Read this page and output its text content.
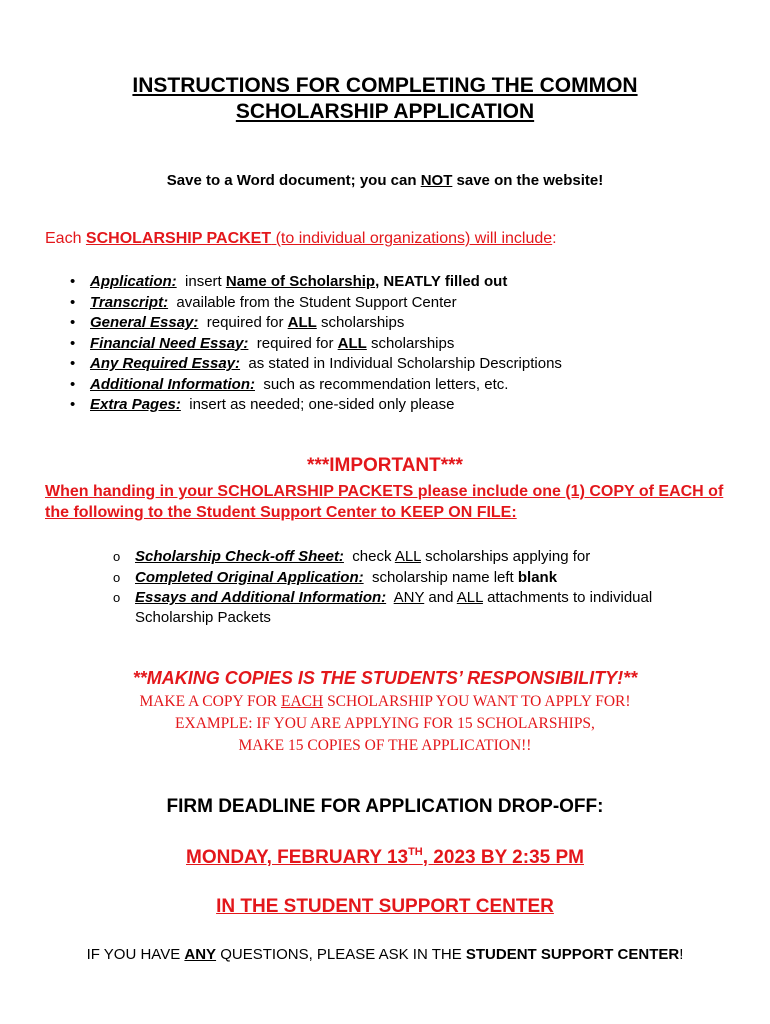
INSTRUCTIONS FOR COMPLETING THE COMMON
SCHOLARSHIP APPLICATION
Save to a Word document; you can NOT save on the website!
Each SCHOLARSHIP PACKET (to individual organizations) will include:
• Application: insert Name of Scholarship, NEATLY filled out
• Transcript: available from the Student Support Center
• General Essay: required for ALL scholarships
• Financial Need Essay: required for ALL scholarships
• Any Required Essay: as stated in Individual Scholarship Descriptions
• Additional Information: such as recommendation letters, etc.
• Extra Pages: insert as needed; one-sided only please
***IMPORTANT***
When handing in your SCHOLARSHIP PACKETS please include one (1) COPY of EACH of the following to the Student Support Center to KEEP ON FILE:
o Scholarship Check-off Sheet: check ALL scholarships applying for
o Completed Original Application: scholarship name left blank
o Essays and Additional Information: ANY and ALL attachments to individual
Scholarship Packets
**MAKING COPIES IS THE STUDENTS’ RESPONSIBILITY!**
MAKE A COPY FOR EACH SCHOLARSHIP YOU WANT TO APPLY FOR!
EXAMPLE: IF YOU ARE APPLYING FOR 15 SCHOLARSHIPS,
MAKE 15 COPIES OF THE APPLICATION!!
FIRM DEADLINE FOR APPLICATION DROP-OFF:
MONDAY, FEBRUARY 13TH, 2023 BY 2:35 PM
IN THE STUDENT SUPPORT CENTER
IF YOU HAVE ANY QUESTIONS, PLEASE ASK IN THE STUDENT SUPPORT CENTER!
